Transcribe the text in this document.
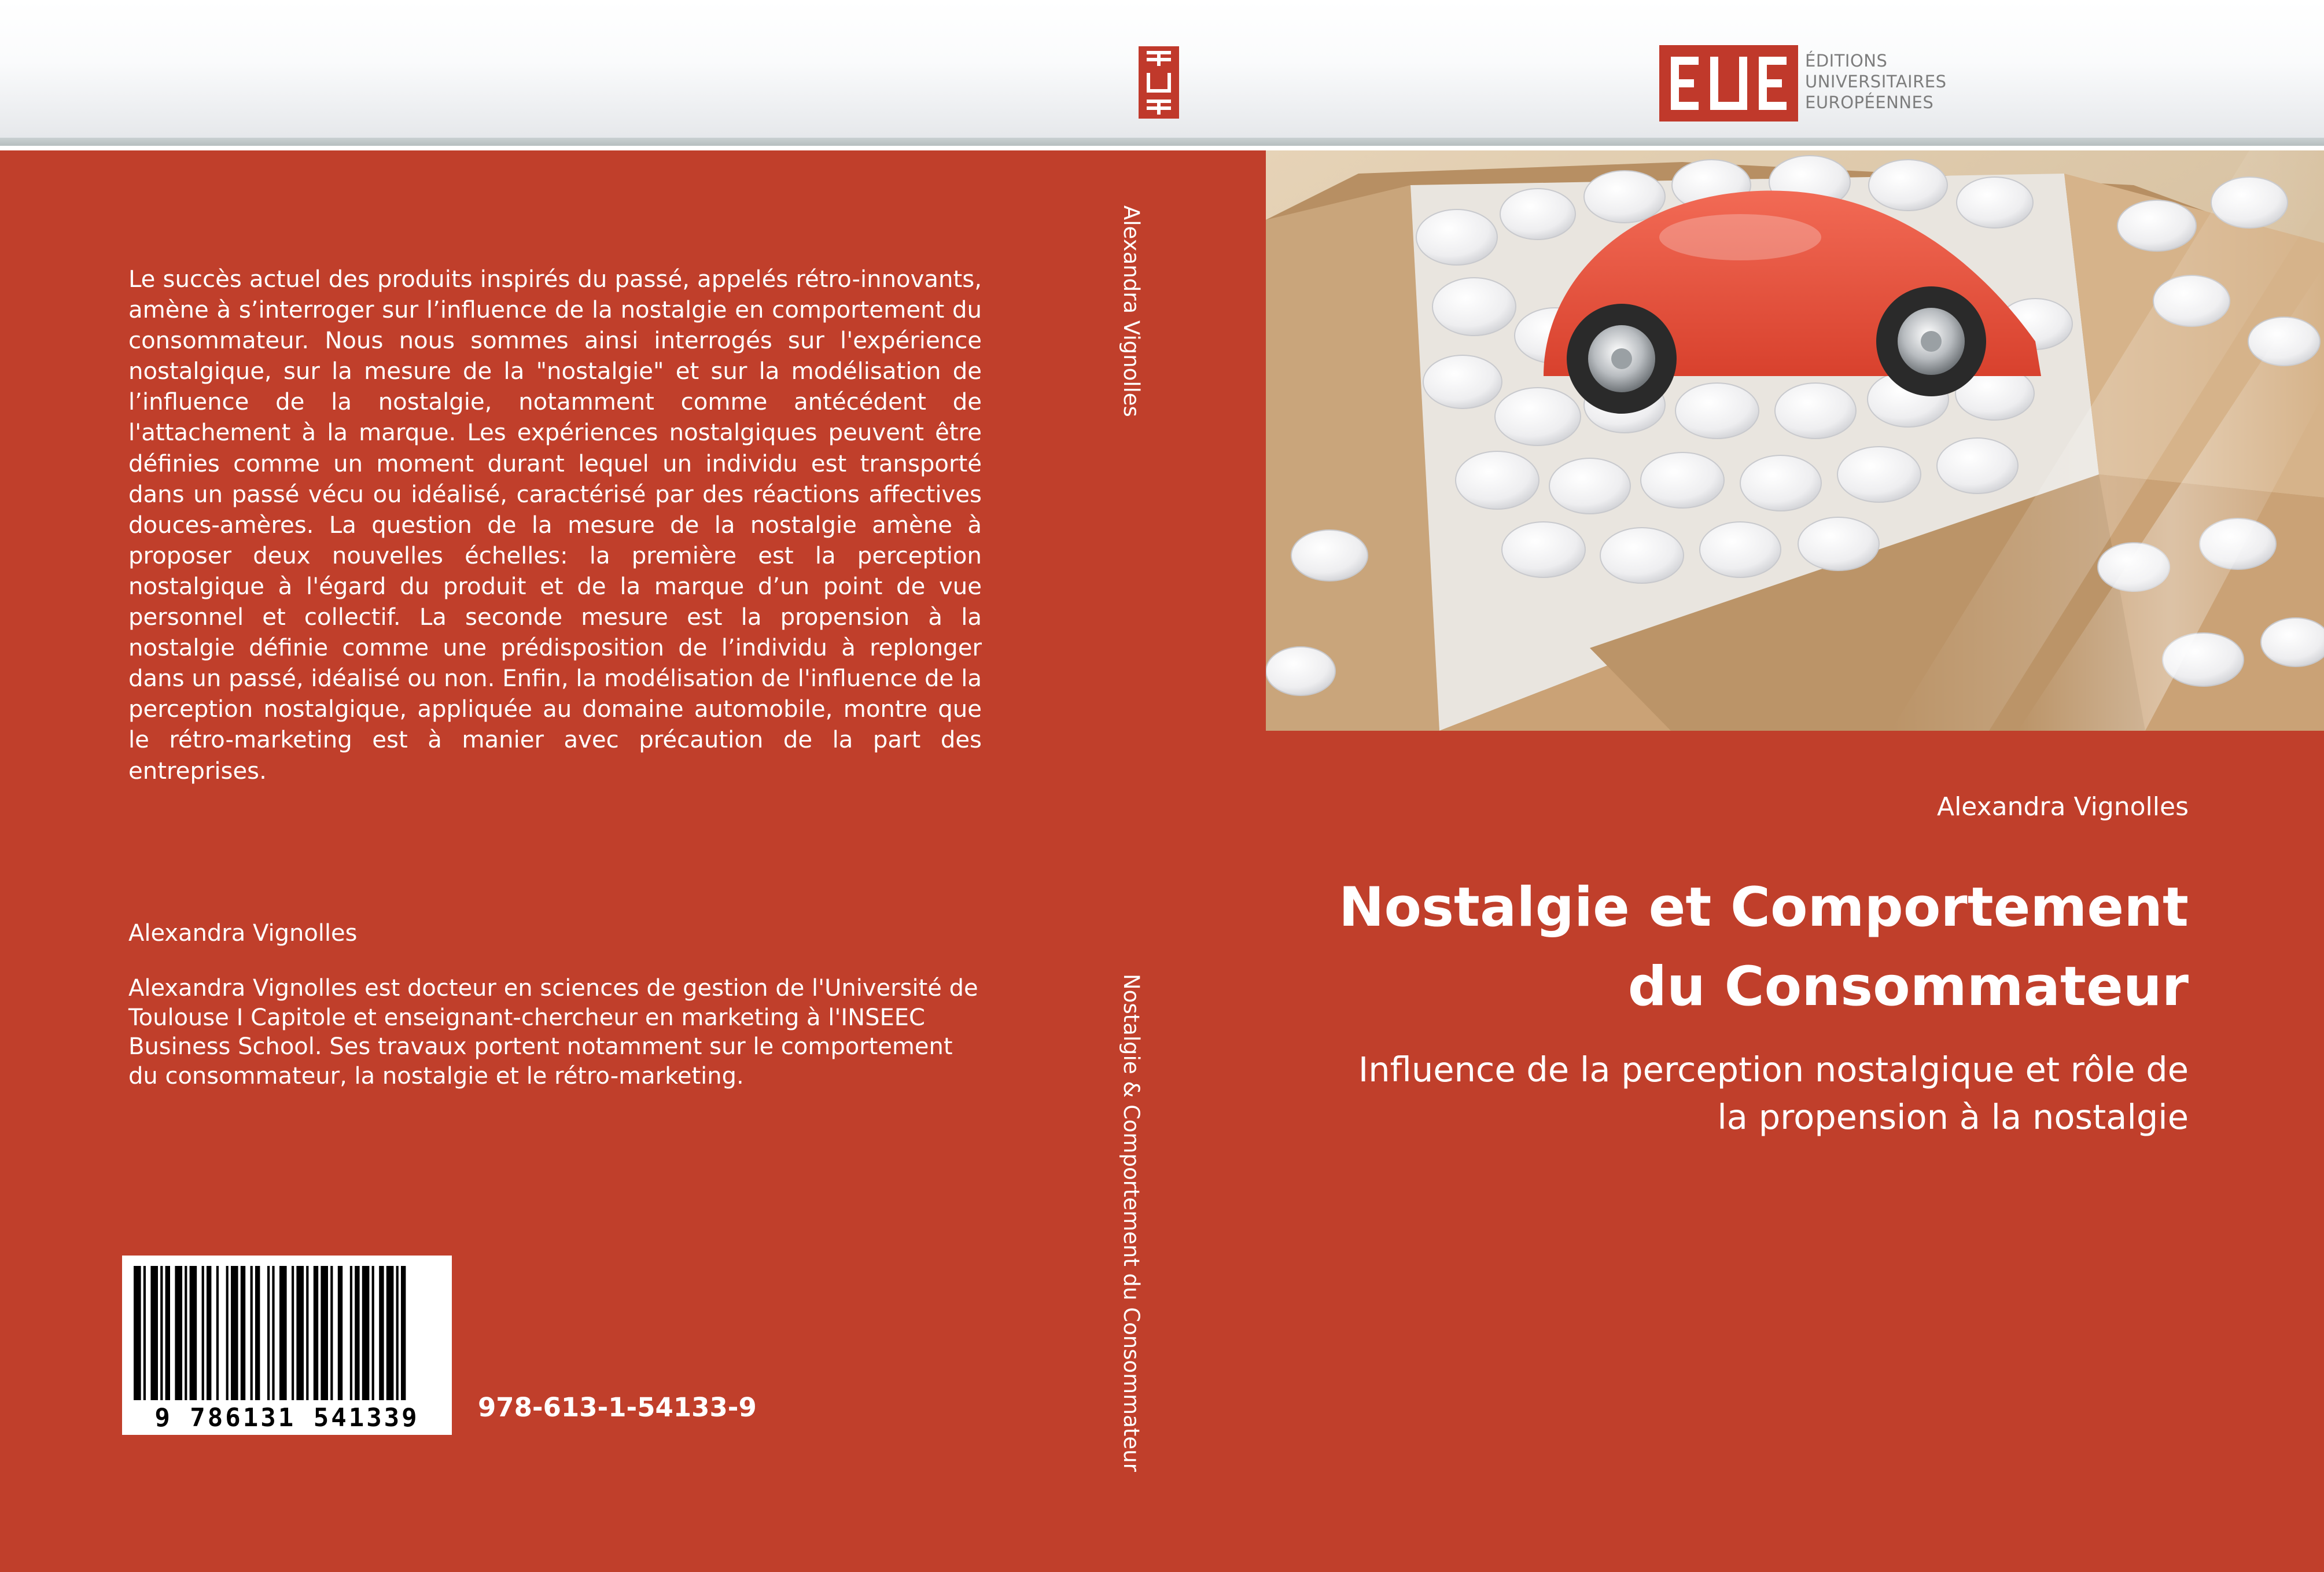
ÉDITIONS
UNIVERSITAIRES
EUROPÉENNES
Le succès actuel des produits inspirés du passé, appelés rétro-innovants, amène à s’interroger sur l’influence de la nostalgie en comportement du consommateur. Nous nous sommes ainsi interrogés sur l'expérience nostalgique, sur la mesure de la "nostalgie" et sur la modélisation de l’influence de la nostalgie, notamment comme antécédent de l'attachement à la marque. Les expériences nostalgiques peuvent être définies comme un moment durant lequel un individu est transporté dans un passé vécu ou idéalisé, caractérisé par des réactions affectives douces-amères. La question de la mesure de la nostalgie amène à proposer deux nouvelles échelles: la première est la perception nostalgique à l'égard du produit et de la marque d’un point de vue personnel et collectif. La seconde mesure est la propension à la nostalgie définie comme une prédisposition de l’individu à replonger dans un passé, idéalisé ou non. Enfin, la modélisation de l'influence de la perception nostalgique, appliquée au domaine automobile, montre que le rétro-marketing est à manier avec précaution de la part des entreprises.
Alexandra Vignolles
Alexandra Vignolles est docteur en sciences de gestion de l'Université de Toulouse I Capitole et enseignant-chercheur en marketing à l'INSEEC Business School. Ses travaux portent notamment sur le comportement du consommateur, la nostalgie et le rétro-marketing.
9 786131 541339 978-613-1-54133-9
Alexandra Vignolles
Nostalgie & Comportement du Consommateur
Alexandra Vignolles
Nostalgie et Comportement
du Consommateur
Influence de la perception nostalgique et rôle de
la propension à la nostalgie
